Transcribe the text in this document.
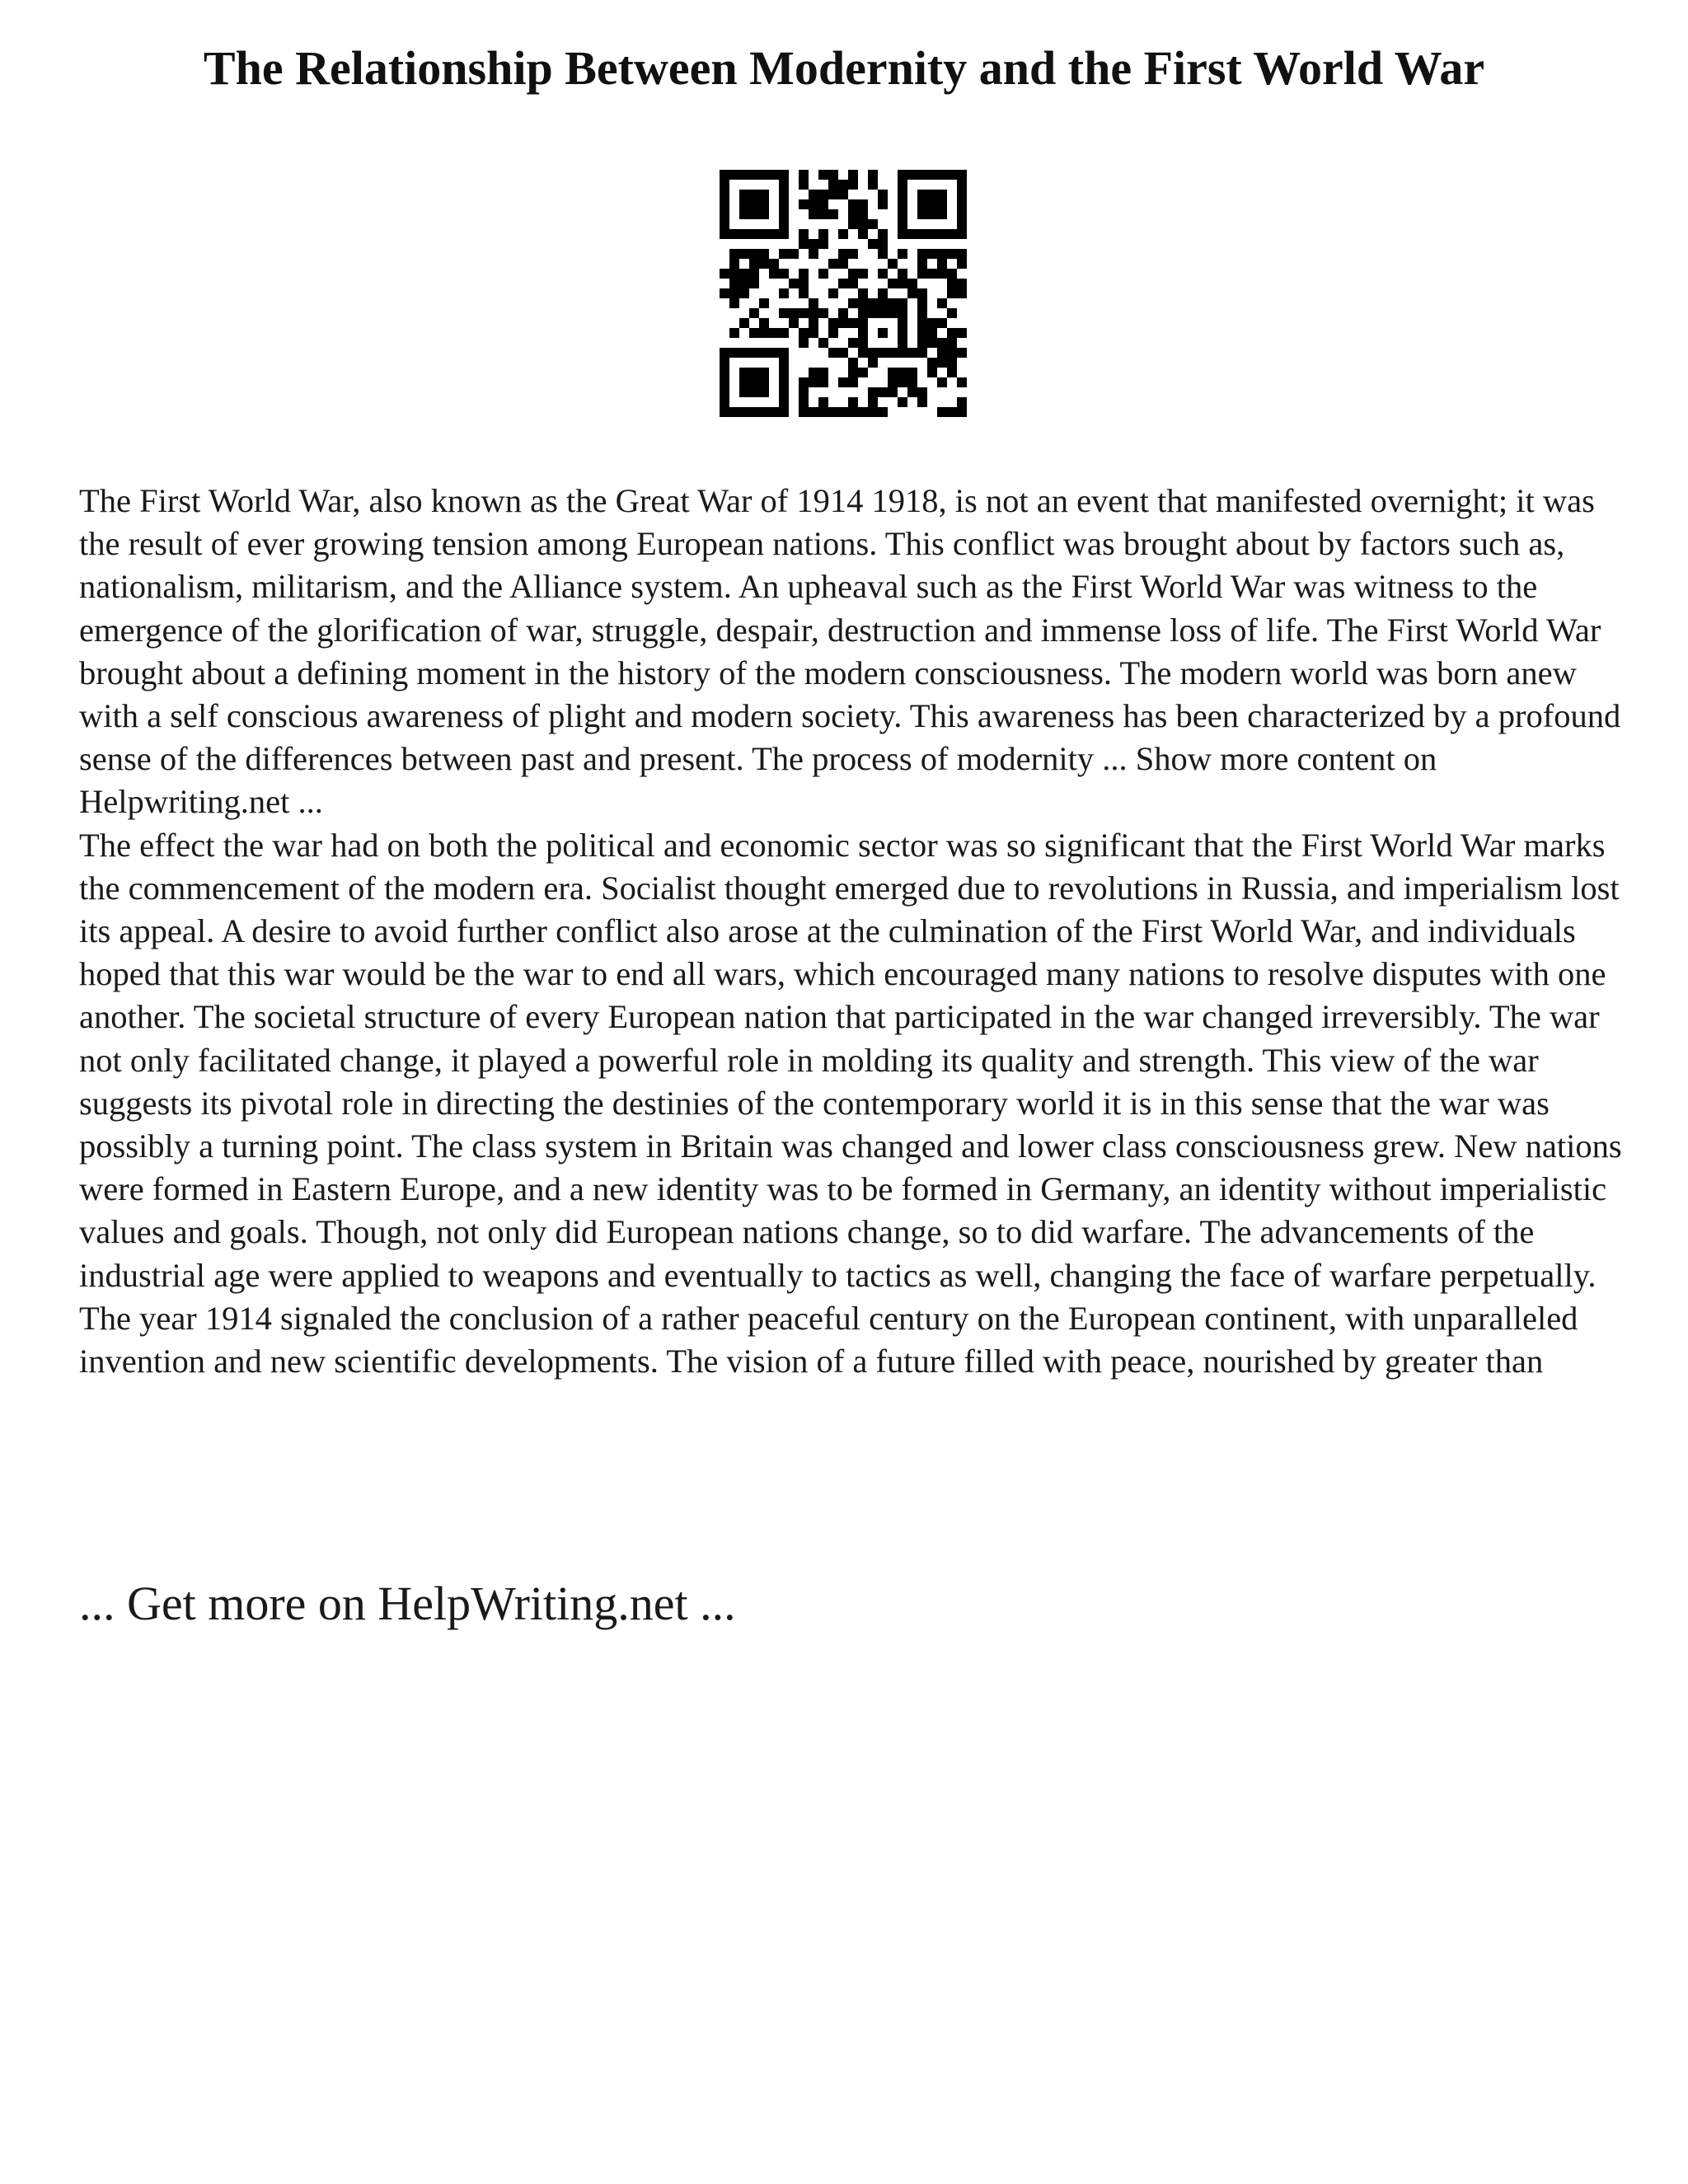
The Relationship Between Modernity and the First World War

The First World War, also known as the Great War of 1914 1918, is not an event that manifested overnight; it was the result of ever growing tension among European nations. This conflict was brought about by factors such as, nationalism, militarism, and the Alliance system. An upheaval such as the First World War was witness to the emergence of the glorification of war, struggle, despair, destruction and immense loss of life. The First World War brought about a defining moment in the history of the modern consciousness. The modern world was born anew with a self conscious awareness of plight and modern society. This awareness has been characterized by a profound sense of the differences between past and present. The process of modernity ... Show more content on Helpwriting.net ...

The effect the war had on both the political and economic sector was so significant that the First World War marks the commencement of the modern era. Socialist thought emerged due to revolutions in Russia, and imperialism lost its appeal. A desire to avoid further conflict also arose at the culmination of the First World War, and individuals hoped that this war would be the war to end all wars, which encouraged many nations to resolve disputes with one another. The societal structure of every European nation that participated in the war changed irreversibly. The war not only facilitated change, it played a powerful role in molding its quality and strength. This view of the war suggests its pivotal role in directing the destinies of the contemporary world it is in this sense that the war was possibly a turning point. The class system in Britain was changed and lower class consciousness grew. New nations were formed in Eastern Europe, and a new identity was to be formed in Germany, an identity without imperialistic values and goals. Though, not only did European nations change, so to did warfare. The advancements of the industrial age were applied to weapons and eventually to tactics as well, changing the face of warfare perpetually. The year 1914 signaled the conclusion of a rather peaceful century on the European continent, with unparalleled invention and new scientific developments. The vision of a future filled with peace, nourished by greater than

... Get more on HelpWriting.net ...
